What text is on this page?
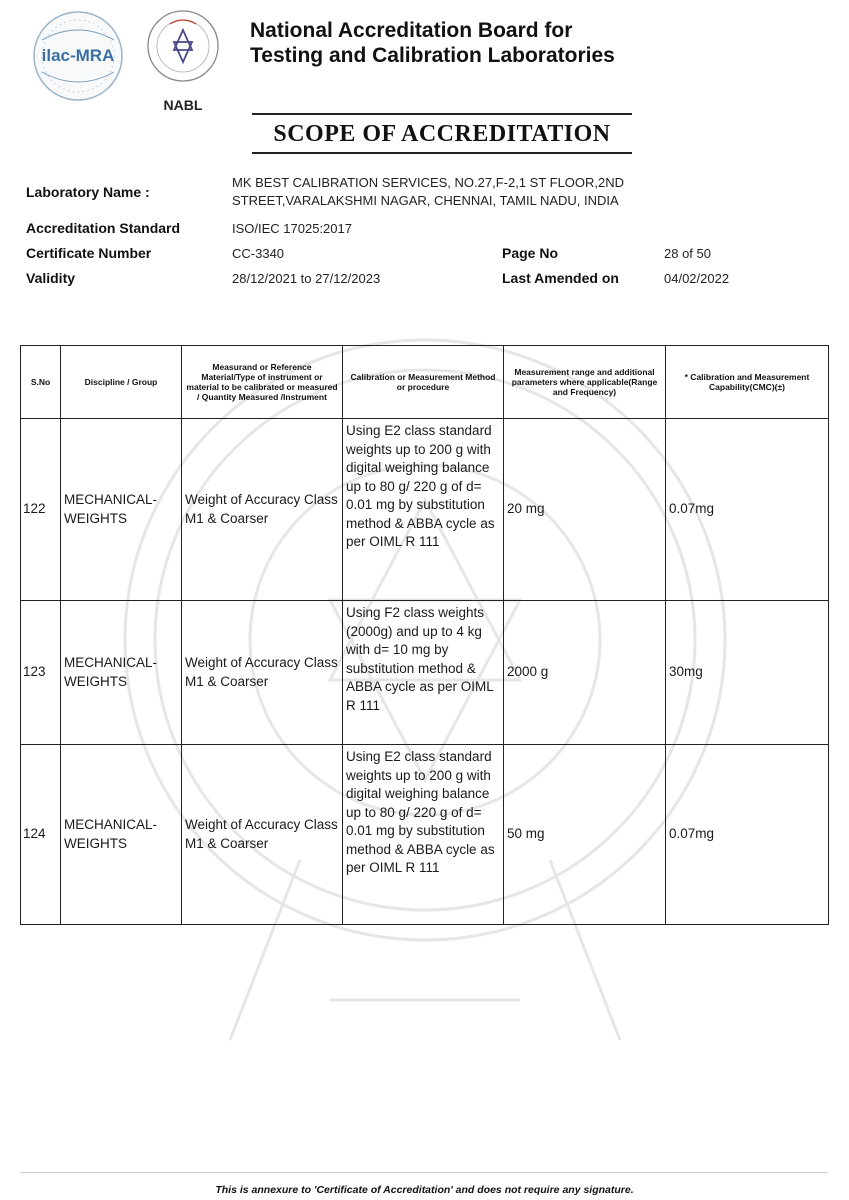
ilac-MRA
NABL
National Accreditation Board for
Testing and Calibration Laboratories
SCOPE OF ACCREDITATION
Laboratory Name :
MK BEST CALIBRATION SERVICES, NO.27,F-2,1 ST FLOOR,2ND
STREET,VARALAKSHMI NAGAR, CHENNAI, TAMIL NADU, INDIA
Accreditation Standard	ISO/IEC 17025:2017
Certificate Number	CC-3340	Page No	28 of 50
Validity	28/12/2021 to 27/12/2023	Last Amended on	04/02/2022
S.No	Discipline / Group	Measurand or Reference Material/Type of instrument or material to be calibrated or measured / Quantity Measured /Instrument	Calibration or Measurement Method or procedure	Measurement range and additional parameters where applicable(Range and Frequency)	* Calibration and Measurement Capability(CMC)(±)
122	MECHANICAL- WEIGHTS	Weight of Accuracy Class M1 & Coarser	Using E2 class standard weights up to 200 g with digital weighing balance up to 80 g/ 220 g of d= 0.01 mg by substitution method & ABBA cycle as per OIML R 111	20 mg	0.07mg
123	MECHANICAL- WEIGHTS	Weight of Accuracy Class M1 & Coarser	Using F2 class weights (2000g) and up to 4 kg with d= 10 mg by substitution method & ABBA cycle as per OIML R 111	2000 g	30mg
124	MECHANICAL- WEIGHTS	Weight of Accuracy Class M1 & Coarser	Using E2 class standard weights up to 200 g with digital weighing balance up to 80 g/ 220 g of d= 0.01 mg by substitution method & ABBA cycle as per OIML R 111	50 mg	0.07mg
This is annexure to 'Certificate of Accreditation' and does not require any signature.
